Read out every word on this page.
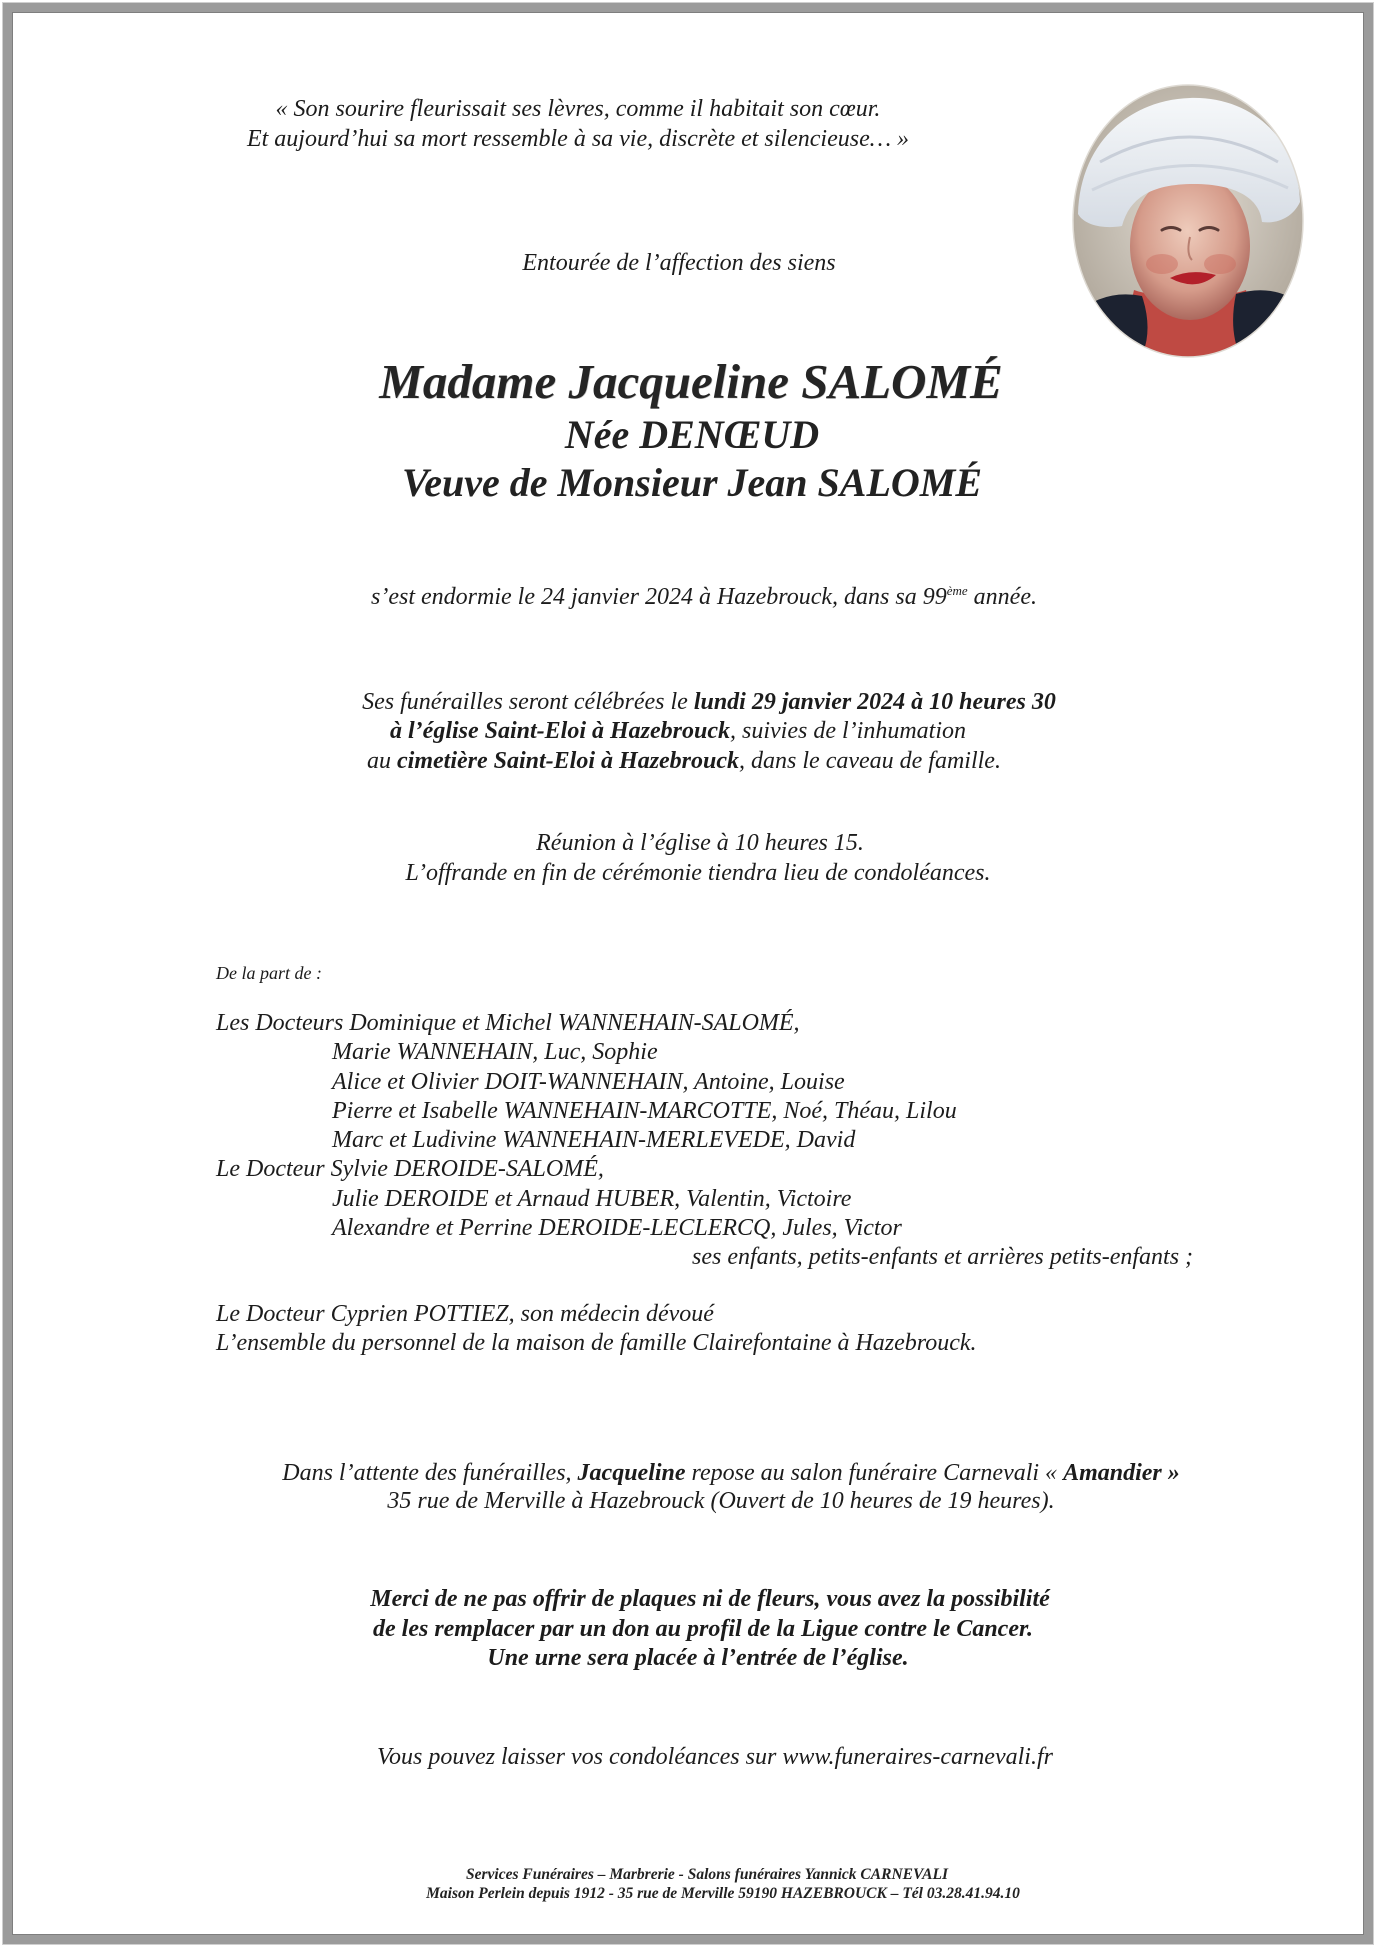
« Son sourire fleurissait ses lèvres, comme il habitait son cœur.
Et aujourd’hui sa mort ressemble à sa vie, discrète et silencieuse… »
Entourée de l’affection des siens
Madame Jacqueline SALOMÉ
Née DENŒUD
Veuve de Monsieur Jean SALOMÉ
s’est endormie le 24 janvier 2024 à Hazebrouck, dans sa 99ème année.
Ses funérailles seront célébrées le lundi 29 janvier 2024 à 10 heures 30
à l’église Saint-Eloi à Hazebrouck, suivies de l’inhumation
au cimetière Saint-Eloi à Hazebrouck, dans le caveau de famille.
Réunion à l’église à 10 heures 15.
L’offrande en fin de cérémonie tiendra lieu de condoléances.
De la part de :
Les Docteurs Dominique et Michel WANNEHAIN-SALOMÉ,
Marie WANNEHAIN, Luc, Sophie
Alice et Olivier DOIT-WANNEHAIN, Antoine, Louise
Pierre et Isabelle WANNEHAIN-MARCOTTE, Noé, Théau, Lilou
Marc et Ludivine WANNEHAIN-MERLEVEDE, David
Le Docteur Sylvie DEROIDE-SALOMÉ,
Julie DEROIDE et Arnaud HUBER, Valentin, Victoire
Alexandre et Perrine DEROIDE-LECLERCQ, Jules, Victor
ses enfants, petits-enfants et arrières petits-enfants ;
Le Docteur Cyprien POTTIEZ, son médecin dévoué
L’ensemble du personnel de la maison de famille Clairefontaine à Hazebrouck.
Dans l’attente des funérailles, Jacqueline repose au salon funéraire Carnevali « Amandier »
35 rue de Merville à Hazebrouck (Ouvert de 10 heures de 19 heures).
Merci de ne pas offrir de plaques ni de fleurs, vous avez la possibilité
de les remplacer par un don au profil de la Ligue contre le Cancer.
Une urne sera placée à l’entrée de l’église.
Vous pouvez laisser vos condoléances sur www.funeraires-carnevali.fr
Services Funéraires – Marbrerie - Salons funéraires Yannick CARNEVALI
Maison Perlein depuis 1912 - 35 rue de Merville 59190 HAZEBROUCK – Tél 03.28.41.94.10
